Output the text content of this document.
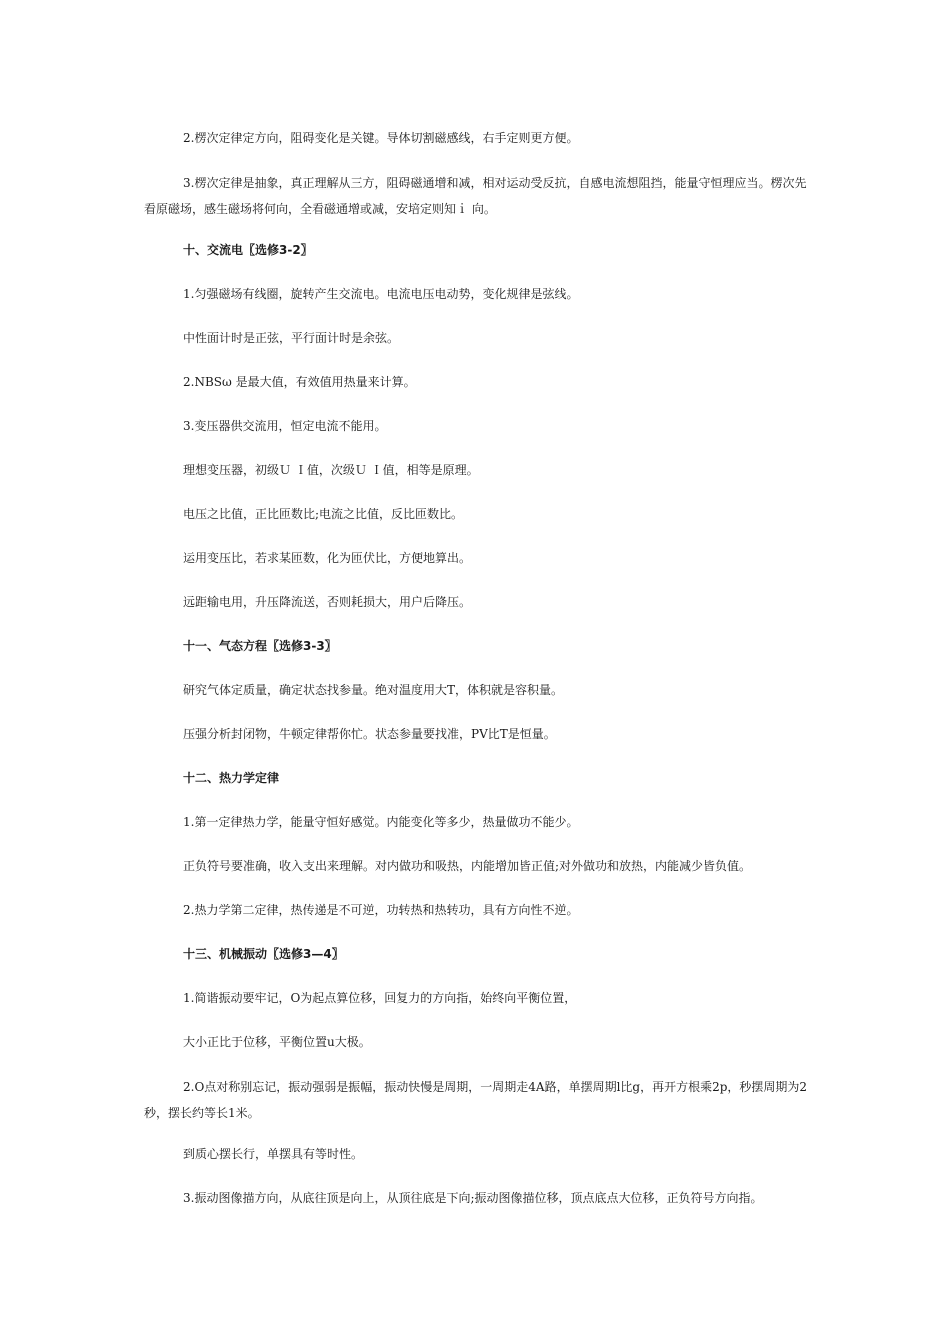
2.楞次定律定方向，阻碍变化是关键。导体切割磁感线，右手定则更方便。
3.楞次定律是抽象，真正理解从三方，阻碍磁通增和减，相对运动受反抗，自感电流想阻挡，能量守恒理应当。楞次先看原磁场，感生磁场将何向，全看磁通增或减，安培定则知ｉ 向。
十、交流电〖选修3-2〗
1.匀强磁场有线圈，旋转产生交流电。电流电压电动势，变化规律是弦线。
中性面计时是正弦，平行面计时是余弦。
2.NBSω 是最大值，有效值用热量来计算。
3.变压器供交流用，恒定电流不能用。
理想变压器，初级Ｕ Ｉ值，次级Ｕ Ｉ值，相等是原理。
电压之比值，正比匝数比;电流之比值，反比匝数比。
运用变压比，若求某匝数，化为匝伏比，方便地算出。
远距输电用，升压降流送，否则耗损大，用户后降压。
十一、气态方程〖选修3-3〗
研究气体定质量，确定状态找参量。绝对温度用大T，体积就是容积量。
压强分析封闭物，牛顿定律帮你忙。状态参量要找准，PV比T是恒量。
十二、热力学定律
1.第一定律热力学，能量守恒好感觉。内能变化等多少，热量做功不能少。
正负符号要准确，收入支出来理解。对内做功和吸热，内能增加皆正值;对外做功和放热，内能减少皆负值。
2.热力学第二定律，热传递是不可逆，功转热和热转功，具有方向性不逆。
十三、机械振动〖选修3—4〗
1.简谐振动要牢记，O为起点算位移，回复力的方向指，始终向平衡位置，
大小正比于位移，平衡位置u大极。
2.O点对称别忘记，振动强弱是振幅，振动快慢是周期，一周期走4A路，单摆周期l比g，再开方根乘2p，秒摆周期为2秒，摆长约等长1米。
到质心摆长行，单摆具有等时性。
3.振动图像描方向，从底往顶是向上，从顶往底是下向;振动图像描位移，顶点底点大位移，正负符号方向指。
